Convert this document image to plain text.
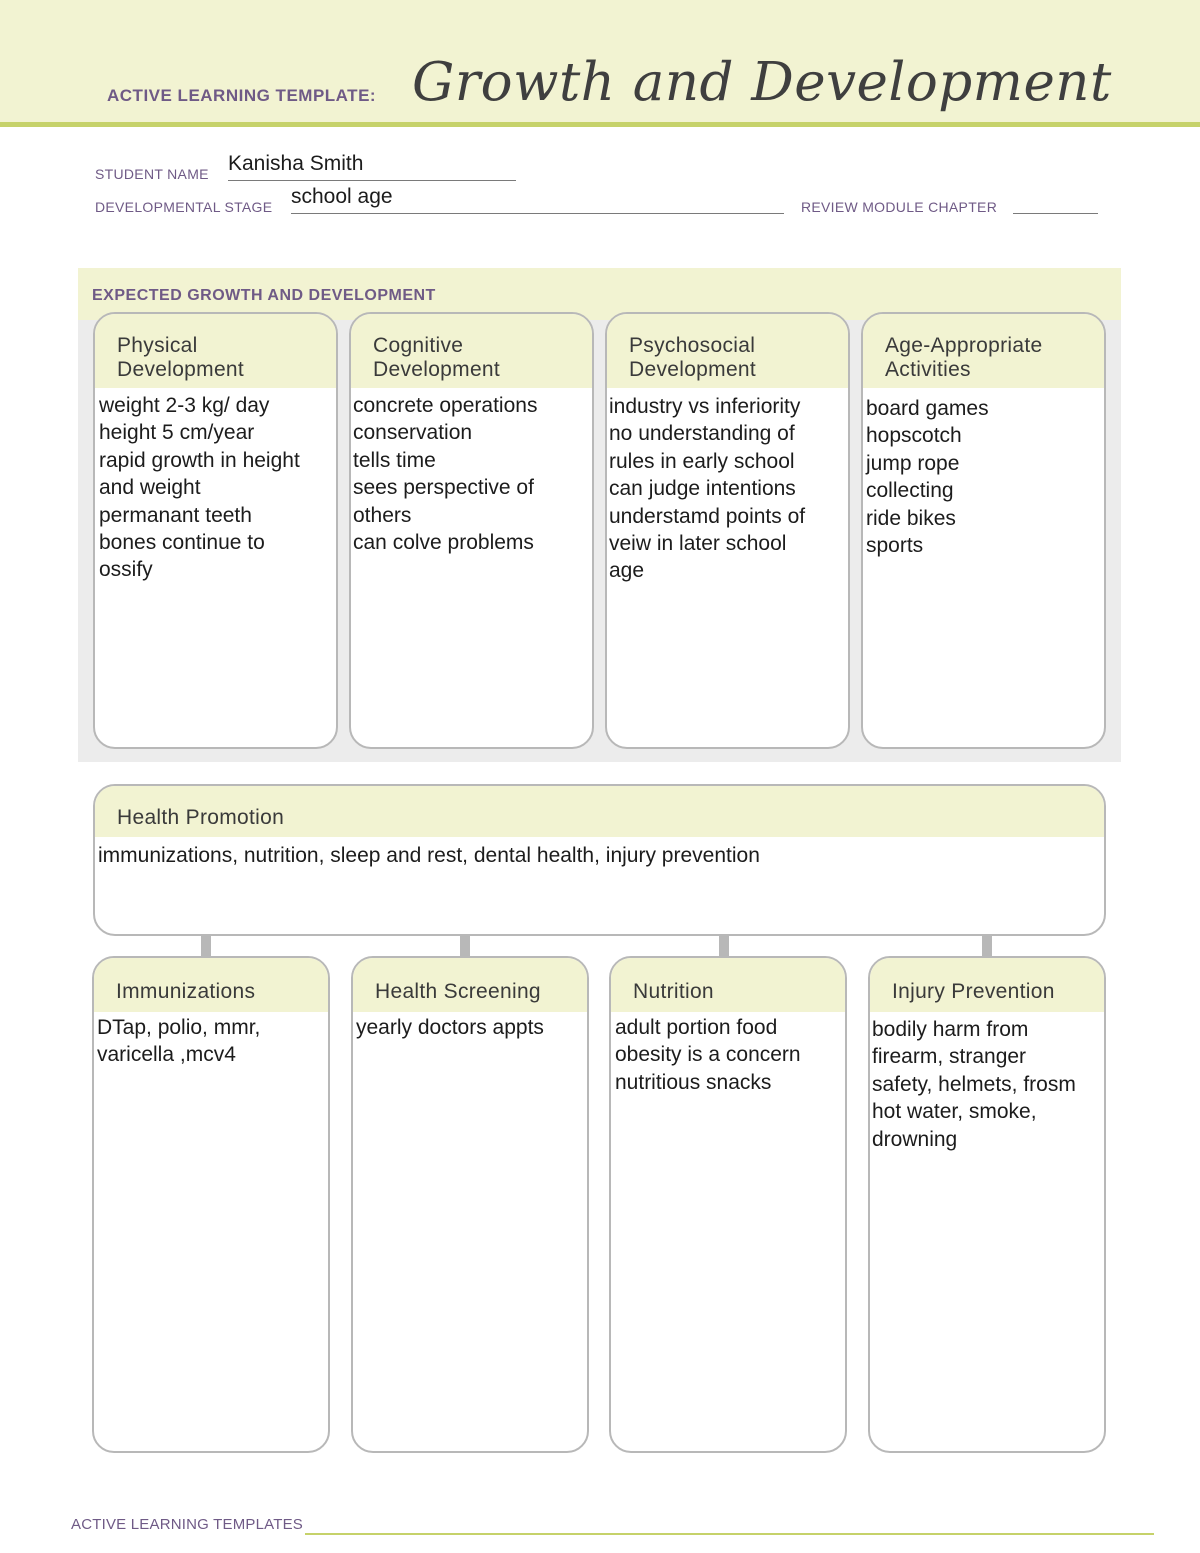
ACTIVE LEARNING TEMPLATE: Growth and Development
STUDENT NAME Kanisha Smith
DEVELOPMENTAL STAGE school age	REVIEW MODULE CHAPTER
EXPECTED GROWTH AND DEVELOPMENT
Physical
Development
weight 2-3 kg/ day
height 5 cm/year
rapid growth in height
and weight
permanant teeth
bones continue to
ossify
Cognitive
Development
concrete operations
conservation
tells time
sees perspective of
others
can colve problems
Psychosocial
Development
industry vs inferiority
no understanding of
rules in early school
can judge intentions
understamd points of
veiw in later school
age
Age-Appropriate
Activities
board games
hopscotch
jump rope
collecting
ride bikes
sports
Health Promotion
immunizations, nutrition, sleep and rest, dental health, injury prevention
Immunizations
DTap, polio, mmr,
varicella ,mcv4
Health Screening
yearly doctors appts
Nutrition
adult portion food
obesity is a concern
nutritious snacks
Injury Prevention
bodily harm from
firearm, stranger
safety, helmets, frosm
hot water, smoke,
drowning
ACTIVE LEARNING TEMPLATES
